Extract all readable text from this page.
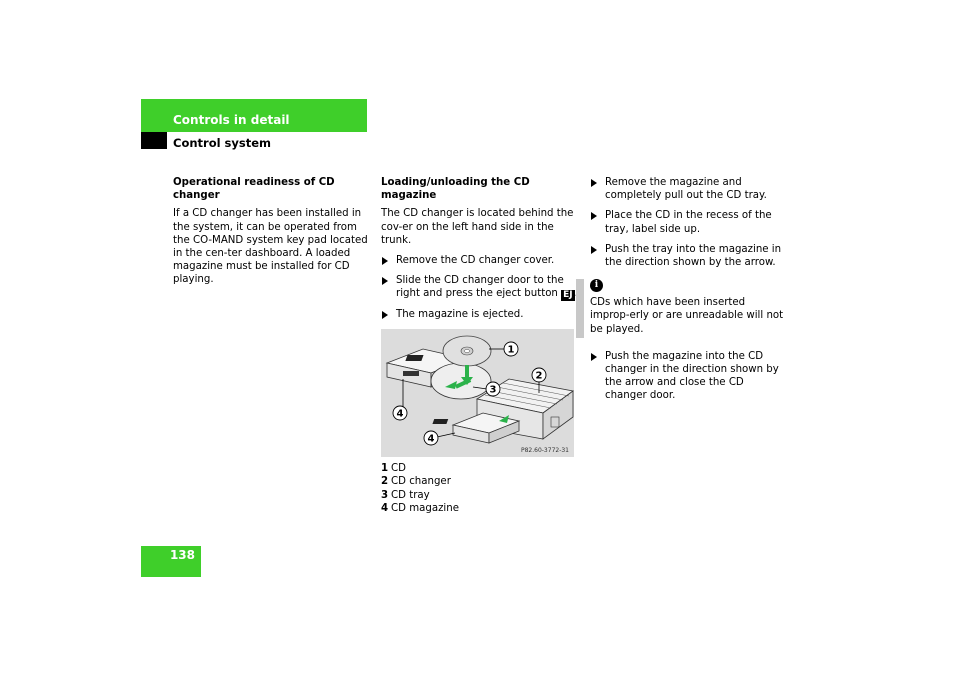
Controls in detail
Control system

Operational readiness of CD changer

If a CD changer has been installed in the system, it can be operated from the CO-MAND system key pad located in the cen-ter dashboard. A loaded magazine must be installed for CD playing.

Loading/unloading the CD magazine

The CD changer is located behind the cov-er on the left hand side in the trunk.

Remove the CD changer cover.
Slide the CD changer door to the right and press the eject button EJ
The magazine is ejected.
1
2
3
4
4
P82.60-3772-31

1 CD

2 CD changer

3 CD tray

4 CD magazine

Remove the magazine and completely pull out the CD tray.
Place the CD in the recess of the tray, label side up.
Push the tray into the magazine in the direction shown by the arrow.
i
CDs which have been inserted improp-erly or are unreadable will not be played.
Push the magazine into the CD changer in the direction shown by the arrow and close the CD changer door.
138
